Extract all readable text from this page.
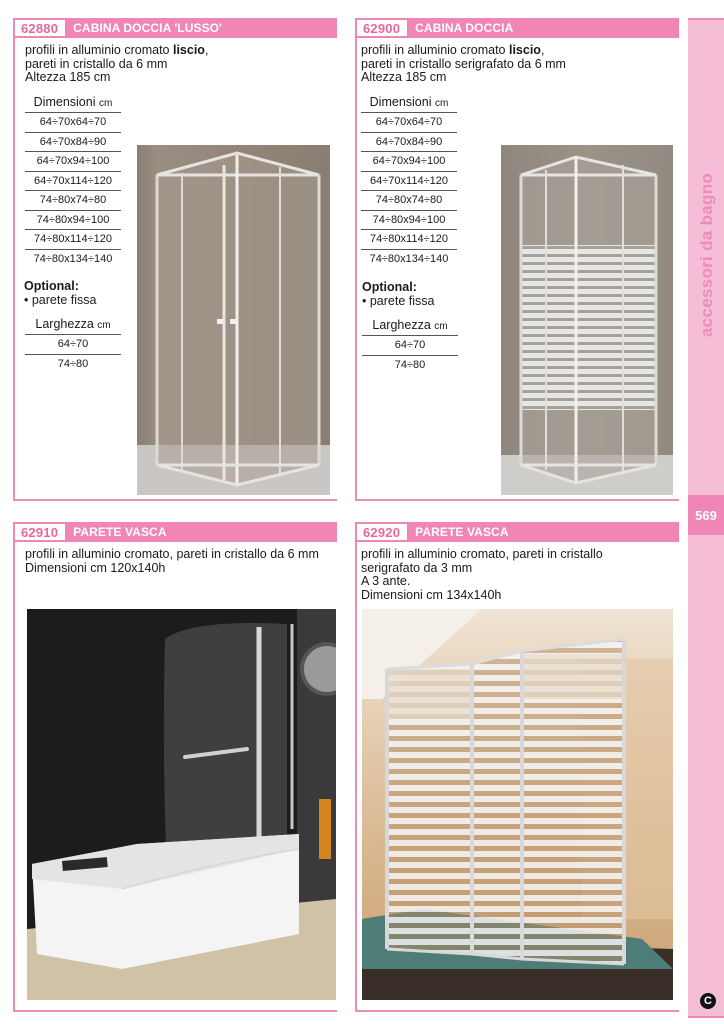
accessori da bagno
569
C
62880	CABINA DOCCIA 'LUSSO'
profili in alluminio cromato liscio,
pareti in cristallo da 6 mm
Altezza 185 cm
Dimensioni cm
64÷70x64÷70
64÷70x84÷90
64÷70x94÷100
64÷70x114÷120
74÷80x74÷80
74÷80x94÷100
74÷80x114÷120
74÷80x134÷140
Optional:
• parete fissa
Larghezza cm
64÷70
74÷80
62900	CABINA DOCCIA
profili in alluminio cromato liscio,
pareti in cristallo serigrafato da 6 mm
Altezza 185 cm
Dimensioni cm
64÷70x64÷70
64÷70x84÷90
64÷70x94÷100
64÷70x114÷120
74÷80x74÷80
74÷80x94÷100
74÷80x114÷120
74÷80x134÷140
Optional:
• parete fissa
Larghezza cm
64÷70
74÷80
62910	PARETE VASCA
profili in alluminio cromato, pareti in cristallo da 6 mm
Dimensioni cm 120x140h
62920	PARETE VASCA
profili in alluminio cromato, pareti in cristallo
serigrafato da 3 mm
A 3 ante.
Dimensioni cm 134x140h
